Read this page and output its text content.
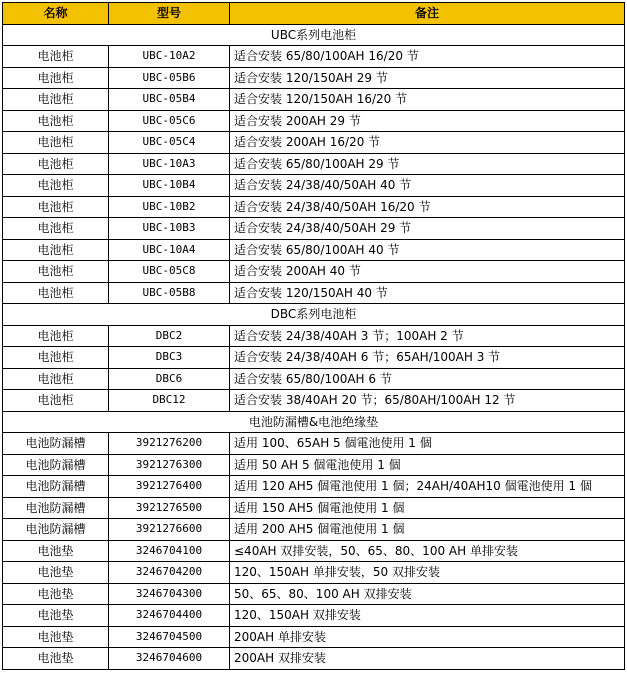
名称	型号	备注
UBC系列电池柜		
电池柜	UBC-10A2	适合安装 65/80/100AH 16/20 节
电池柜	UBC-05B6	适合安装 120/150AH 29 节
电池柜	UBC-05B4	适合安装 120/150AH 16/20 节
电池柜	UBC-05C6	适合安装 200AH 29 节
电池柜	UBC-05C4	适合安装 200AH 16/20 节
电池柜	UBC-10A3	适合安装 65/80/100AH 29 节
电池柜	UBC-10B4	适合安装 24/38/40/50AH 40 节
电池柜	UBC-10B2	适合安装 24/38/40/50AH 16/20 节
电池柜	UBC-10B3	适合安装 24/38/40/50AH 29 节
电池柜	UBC-10A4	适合安装 65/80/100AH 40 节
电池柜	UBC-05C8	适合安装 200AH 40 节
电池柜	UBC-05B8	适合安装 120/150AH 40 节
DBC系列电池柜		
电池柜	DBC2	适合安装 24/38/40AH 3 节；100AH 2 节
电池柜	DBC3	适合安装 24/38/40AH 6 节；65AH/100AH 3 节
电池柜	DBC6	适合安装 65/80/100AH 6 节
电池柜	DBC12	适合安装 38/40AH 20 节；65/80AH/100AH 12 节
电池防漏槽&电池绝缘垫		
电池防漏槽	3921276200	适用 100、65AH 5 個電池使用 1 個
电池防漏槽	3921276300	适用 50 AH 5 個電池使用 1 個
电池防漏槽	3921276400	适用 120 AH5 個電池使用 1 個；24AH/40AH10 個電池使用 1 個
电池防漏槽	3921276500	适用 150 AH5 個電池使用 1 個
电池防漏槽	3921276600	适用 200 AH5 個電池使用 1 個
电池垫	3246704100	≤40AH 双排安装，50、65、80、100 AH 单排安装
电池垫	3246704200	120、150AH 单排安装，50 双排安装
电池垫	3246704300	50、65、80、100 AH 双排安装
电池垫	3246704400	120、150AH 双排安装
电池垫	3246704500	200AH 单排安装
电池垫	3246704600	200AH 双排安装
